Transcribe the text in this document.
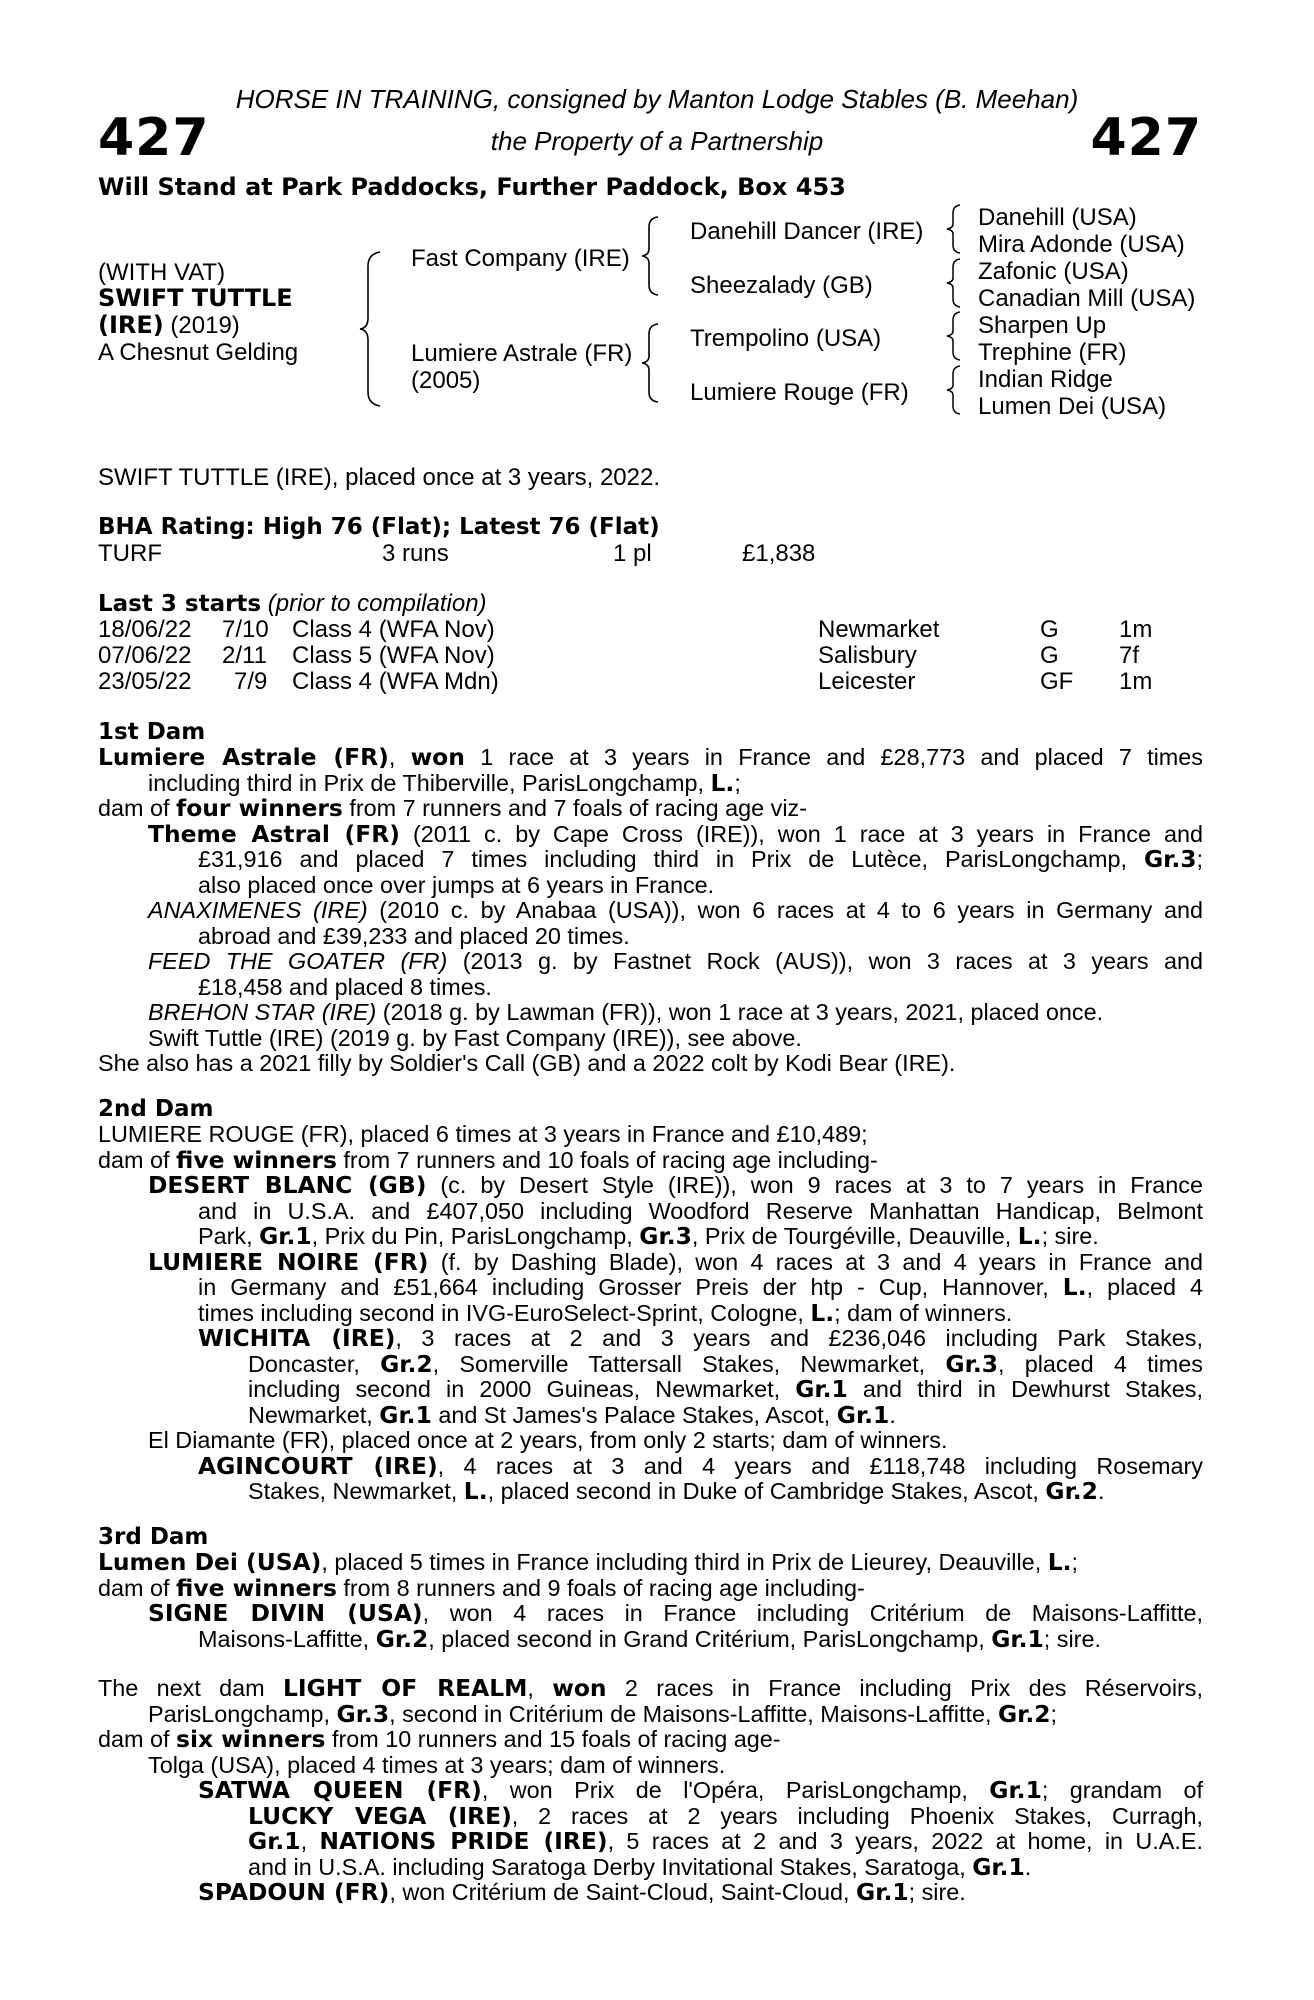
HORSE IN TRAINING, consigned by Manton Lodge Stables (B. Meehan)
the Property of a Partnership
427	427
Will Stand at Park Paddocks, Further Paddock, Box 453
(WITH VAT)
SWIFT TUTTLE
(IRE) (2019)
A Chesnut Gelding
Fast Company (IRE)
Lumiere Astrale (FR)
(2005)
Danehill Dancer (IRE)
Sheezalady (GB)
Trempolino (USA)
Lumiere Rouge (FR)
Danehill (USA)
Mira Adonde (USA)
Zafonic (USA)
Canadian Mill (USA)
Sharpen Up
Trephine (FR)
Indian Ridge
Lumen Dei (USA)
SWIFT TUTTLE (IRE), placed once at 3 years, 2022.
BHA Rating: High 76 (Flat); Latest 76 (Flat)
TURF	3 runs	1 pl	£1,838
Last 3 starts (prior to compilation)
18/06/22 7/10 Class 4 (WFA Nov)	Newmarket	G	1m
07/06/22 2/11 Class 5 (WFA Nov)	Salisbury	G	7f
23/05/22 7/9 Class 4 (WFA Mdn)	Leicester	GF 1m
1st Dam
Lumiere Astrale (FR), won 1 race at 3 years in France and £28,773 and placed 7 times
including third in Prix de Thiberville, ParisLongchamp, L.;
dam of four winners from 7 runners and 7 foals of racing age viz-
Theme Astral (FR) (2011 c. by Cape Cross (IRE)), won 1 race at 3 years in France and
£31,916 and placed 7 times including third in Prix de Lutèce, ParisLongchamp, Gr.3;
also placed once over jumps at 6 years in France.
ANAXIMENES (IRE) (2010 c. by Anabaa (USA)), won 6 races at 4 to 6 years in Germany and
abroad and £39,233 and placed 20 times.
FEED THE GOATER (FR) (2013 g. by Fastnet Rock (AUS)), won 3 races at 3 years and
£18,458 and placed 8 times.
BREHON STAR (IRE) (2018 g. by Lawman (FR)), won 1 race at 3 years, 2021, placed once.
Swift Tuttle (IRE) (2019 g. by Fast Company (IRE)), see above.
She also has a 2021 filly by Soldier's Call (GB) and a 2022 colt by Kodi Bear (IRE).
2nd Dam
LUMIERE ROUGE (FR), placed 6 times at 3 years in France and £10,489;
dam of five winners from 7 runners and 10 foals of racing age including-
DESERT BLANC (GB) (c. by Desert Style (IRE)), won 9 races at 3 to 7 years in France
and in U.S.A. and £407,050 including Woodford Reserve Manhattan Handicap, Belmont
Park, Gr.1, Prix du Pin, ParisLongchamp, Gr.3, Prix de Tourgéville, Deauville, L.; sire.
LUMIERE NOIRE (FR) (f. by Dashing Blade), won 4 races at 3 and 4 years in France and
in Germany and £51,664 including Grosser Preis der htp - Cup, Hannover, L., placed 4
times including second in IVG-EuroSelect-Sprint, Cologne, L.; dam of winners.
WICHITA (IRE), 3 races at 2 and 3 years and £236,046 including Park Stakes,
Doncaster, Gr.2, Somerville Tattersall Stakes, Newmarket, Gr.3, placed 4 times
including second in 2000 Guineas, Newmarket, Gr.1 and third in Dewhurst Stakes,
Newmarket, Gr.1 and St James's Palace Stakes, Ascot, Gr.1.
El Diamante (FR), placed once at 2 years, from only 2 starts; dam of winners.
AGINCOURT (IRE), 4 races at 3 and 4 years and £118,748 including Rosemary
Stakes, Newmarket, L., placed second in Duke of Cambridge Stakes, Ascot, Gr.2.
3rd Dam
Lumen Dei (USA), placed 5 times in France including third in Prix de Lieurey, Deauville, L.;
dam of five winners from 8 runners and 9 foals of racing age including-
SIGNE DIVIN (USA), won 4 races in France including Critérium de Maisons-Laffitte,
Maisons-Laffitte, Gr.2, placed second in Grand Critérium, ParisLongchamp, Gr.1; sire.
The next dam LIGHT OF REALM, won 2 races in France including Prix des Réservoirs,
ParisLongchamp, Gr.3, second in Critérium de Maisons-Laffitte, Maisons-Laffitte, Gr.2;
dam of six winners from 10 runners and 15 foals of racing age-
Tolga (USA), placed 4 times at 3 years; dam of winners.
SATWA QUEEN (FR), won Prix de l'Opéra, ParisLongchamp, Gr.1; grandam of
LUCKY VEGA (IRE), 2 races at 2 years including Phoenix Stakes, Curragh,
Gr.1, NATIONS PRIDE (IRE), 5 races at 2 and 3 years, 2022 at home, in U.A.E.
and in U.S.A. including Saratoga Derby Invitational Stakes, Saratoga, Gr.1.
SPADOUN (FR), won Critérium de Saint-Cloud, Saint-Cloud, Gr.1; sire.
